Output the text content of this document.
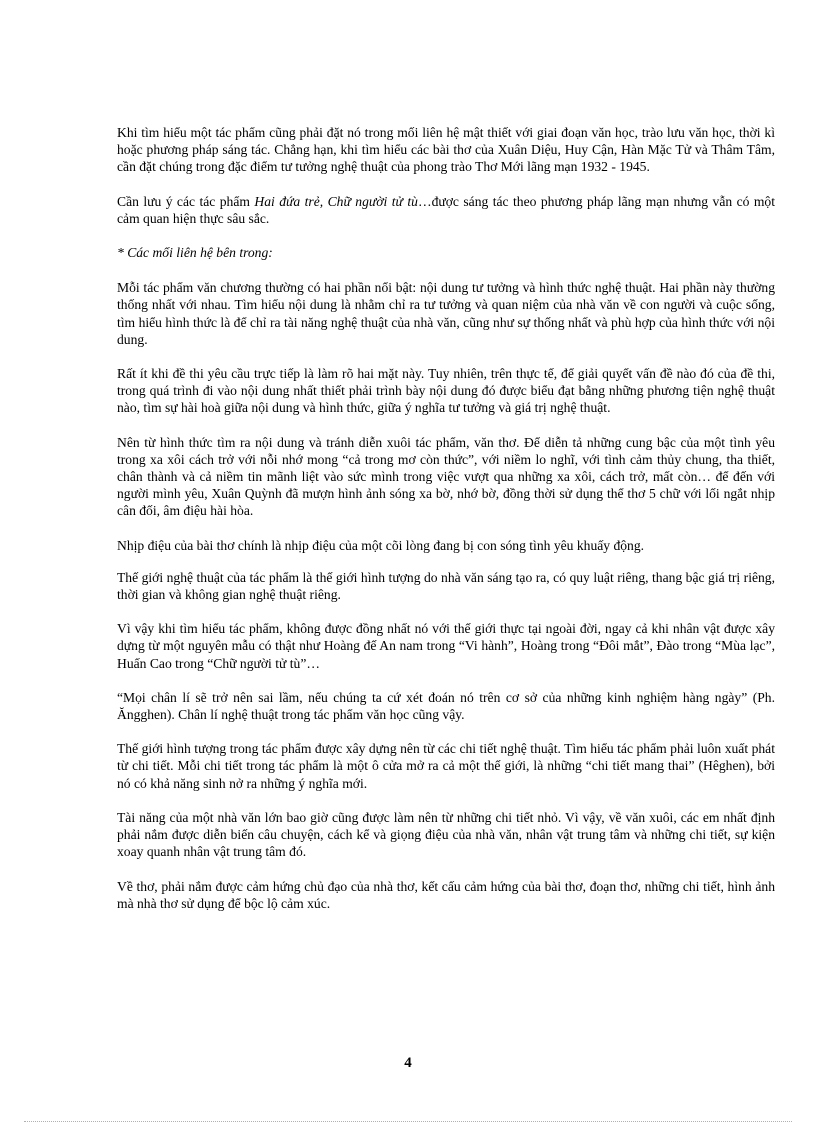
Khi tìm hiểu một tác phẩm cũng phải đặt nó trong mối liên hệ mật thiết với giai đoạn văn học, trào lưu văn học, thời kì hoặc phương pháp sáng tác. Chẳng hạn, khi tìm hiểu các bài thơ của Xuân Diệu, Huy Cận, Hàn Mặc Tử và Thâm Tâm, cần đặt chúng trong đặc điểm tư tưởng nghệ thuật của phong trào Thơ Mới lãng mạn 1932 - 1945.

Cần lưu ý các tác phẩm Hai đứa trẻ, Chữ người tử tù…được sáng tác theo phương pháp lãng mạn nhưng vẫn có một cảm quan hiện thực sâu sắc.

* Các mối liên hệ bên trong:

Mỗi tác phẩm văn chương thường có hai phần nổi bật: nội dung tư tưởng và hình thức nghệ thuật. Hai phần này thường thống nhất với nhau. Tìm hiểu nội dung là nhằm chỉ ra tư tưởng và quan niệm của nhà văn về con người và cuộc sống, tìm hiểu hình thức là để chỉ ra tài năng nghệ thuật của nhà văn, cũng như sự thống nhất và phù hợp của hình thức với nội dung.

Rất ít khi đề thi yêu cầu trực tiếp là làm rõ hai mặt này. Tuy nhiên, trên thực tế, để giải quyết vấn đề nào đó của đề thi, trong quá trình đi vào nội dung nhất thiết phải trình bày nội dung đó được biểu đạt bằng những phương tiện nghệ thuật nào, tìm sự hài hoà giữa nội dung và hình thức, giữa ý nghĩa tư tưởng và giá trị nghệ thuật.

Nên từ hình thức tìm ra nội dung và tránh diễn xuôi tác phẩm, văn thơ. Để diễn tả những cung bậc của một tình yêu trong xa xôi cách trở với nỗi nhớ mong “cả trong mơ còn thức”, với niềm lo nghĩ, với tình cảm thủy chung, tha thiết, chân thành và cả niềm tin mãnh liệt vào sức mình trong việc vượt qua những xa xôi, cách trở, mất còn… để đến với người mình yêu, Xuân Quỳnh đã mượn hình ảnh sóng xa bờ, nhớ bờ, đồng thời sử dụng thể thơ 5 chữ với lối ngắt nhịp cân đối, âm điệu hài hòa.

Nhịp điệu của bài thơ chính là nhịp điệu của một cõi lòng đang bị con sóng tình yêu khuấy động.

Thế giới nghệ thuật của tác phẩm là thế giới hình tượng do nhà văn sáng tạo ra, có quy luật riêng, thang bậc giá trị riêng, thời gian và không gian nghệ thuật riêng.

Vì vậy khi tìm hiểu tác phẩm, không được đồng nhất nó với thế giới thực tại ngoài đời, ngay cả khi nhân vật được xây dựng từ một nguyên mẫu có thật như Hoàng đế An nam trong “Vi hành”, Hoàng trong “Đôi mắt”, Đào trong “Mùa lạc”, Huấn Cao trong “Chữ người tử tù”…

“Mọi chân lí sẽ trở nên sai lầm, nếu chúng ta cứ xét đoán nó trên cơ sở của những kinh nghiệm hàng ngày” (Ph. Ăngghen). Chân lí nghệ thuật trong tác phẩm văn học cũng vậy.

Thế giới hình tượng trong tác phẩm được xây dựng nên từ các chi tiết nghệ thuật. Tìm hiểu tác phẩm phải luôn xuất phát từ chi tiết. Mỗi chi tiết trong tác phẩm là một ô cửa mở ra cả một thế giới, là những “chi tiết mang thai” (Hêghen), bởi nó có khả năng sinh nở ra những ý nghĩa mới.

Tài năng của một nhà văn lớn bao giờ cũng được làm nên từ những chi tiết nhỏ. Vì vậy, về văn xuôi, các em nhất định phải nắm được diễn biến câu chuyện, cách kể và giọng điệu của nhà văn, nhân vật trung tâm và những chi tiết, sự kiện xoay quanh nhân vật trung tâm đó.

Về thơ, phải nắm được cảm hứng chủ đạo của nhà thơ, kết cấu cảm hứng của bài thơ, đoạn thơ, những chi tiết, hình ảnh mà nhà thơ sử dụng để bộc lộ cảm xúc.

4
